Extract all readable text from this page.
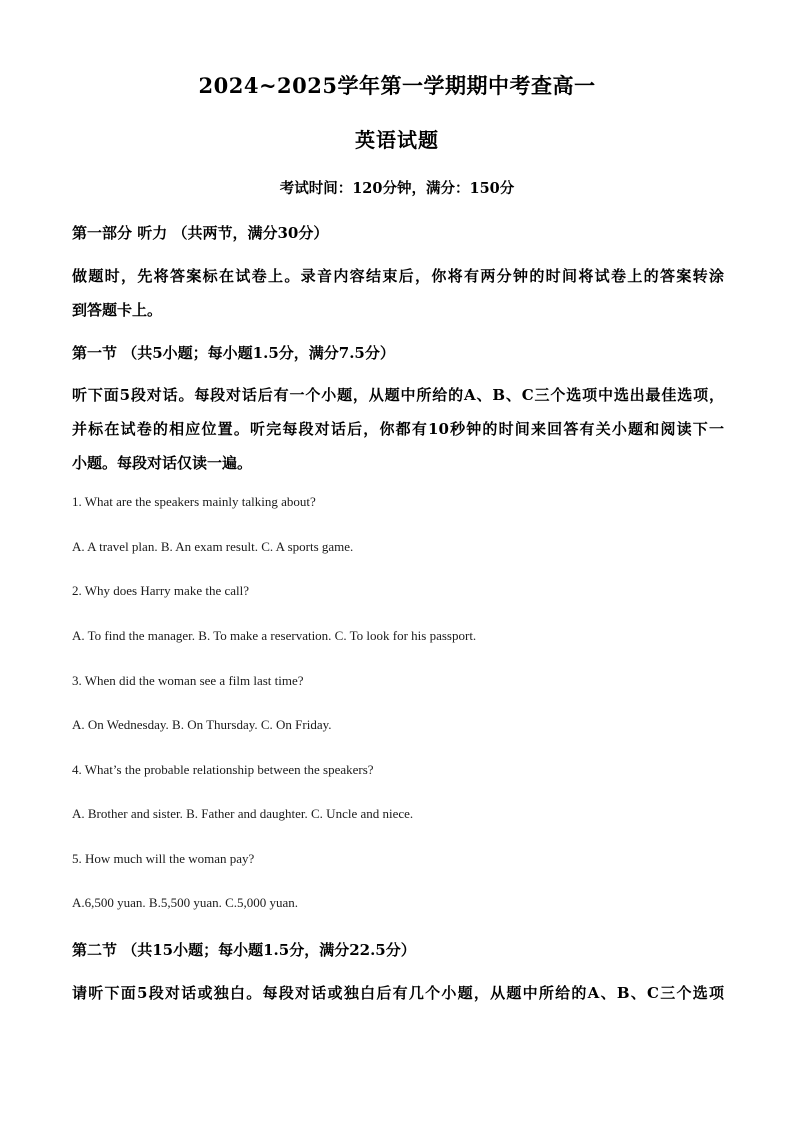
2024~2025学年第一学期期中考查高一
英语试题
考试时间：120分钟，满分：150分
第一部分 听力 （共两节，满分30分）
做题时，先将答案标在试卷上。录音内容结束后，你将有两分钟的时间将试卷上的答案转涂
到答题卡上。
第一节 （共5小题；每小题1.5分，满分7.5分）
听下面5段对话。每段对话后有一个小题，从题中所给的A、B、C三个选项中选出最佳选项，
并标在试卷的相应位置。听完每段对话后，你都有10秒钟的时间来回答有关小题和阅读下一
小题。每段对话仅读一遍。
1. What are the speakers mainly talking about?
A. A travel plan. B. An exam result. C. A sports game.
2. Why does Harry make the call?
A. To find the manager. B. To make a reservation. C. To look for his passport.
3. When did the woman see a film last time?
A. On Wednesday. B. On Thursday. C. On Friday.
4. What’s the probable relationship between the speakers?
A. Brother and sister. B. Father and daughter. C. Uncle and niece.
5. How much will the woman pay?
A.6,500 yuan. B.5,500 yuan. C.5,000 yuan.
第二节 （共15小题；每小题1.5分，满分22.5分）
请听下面5段对话或独白。每段对话或独白后有几个小题，从题中所给的A、B、C三个选项
